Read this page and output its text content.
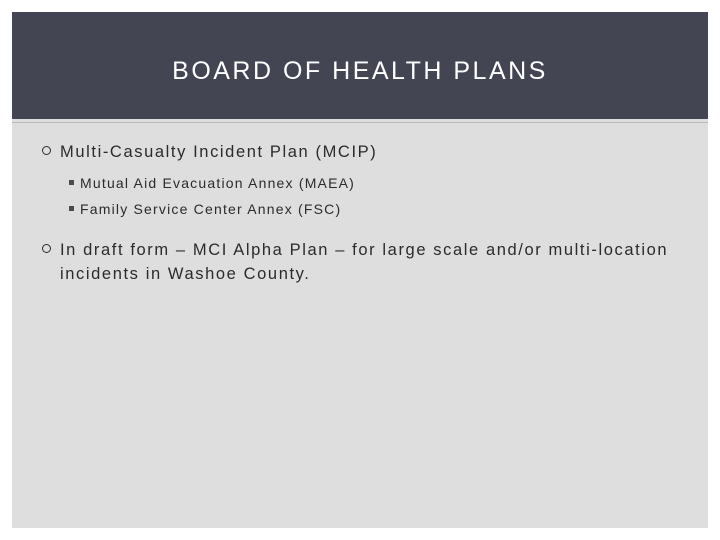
BOARD OF HEALTH PLANS
Multi-Casualty Incident Plan (MCIP)
Mutual Aid Evacuation Annex (MAEA)
Family Service Center Annex (FSC)
In draft form – MCI Alpha Plan – for large scale and/or multi-location incidents in Washoe County.
